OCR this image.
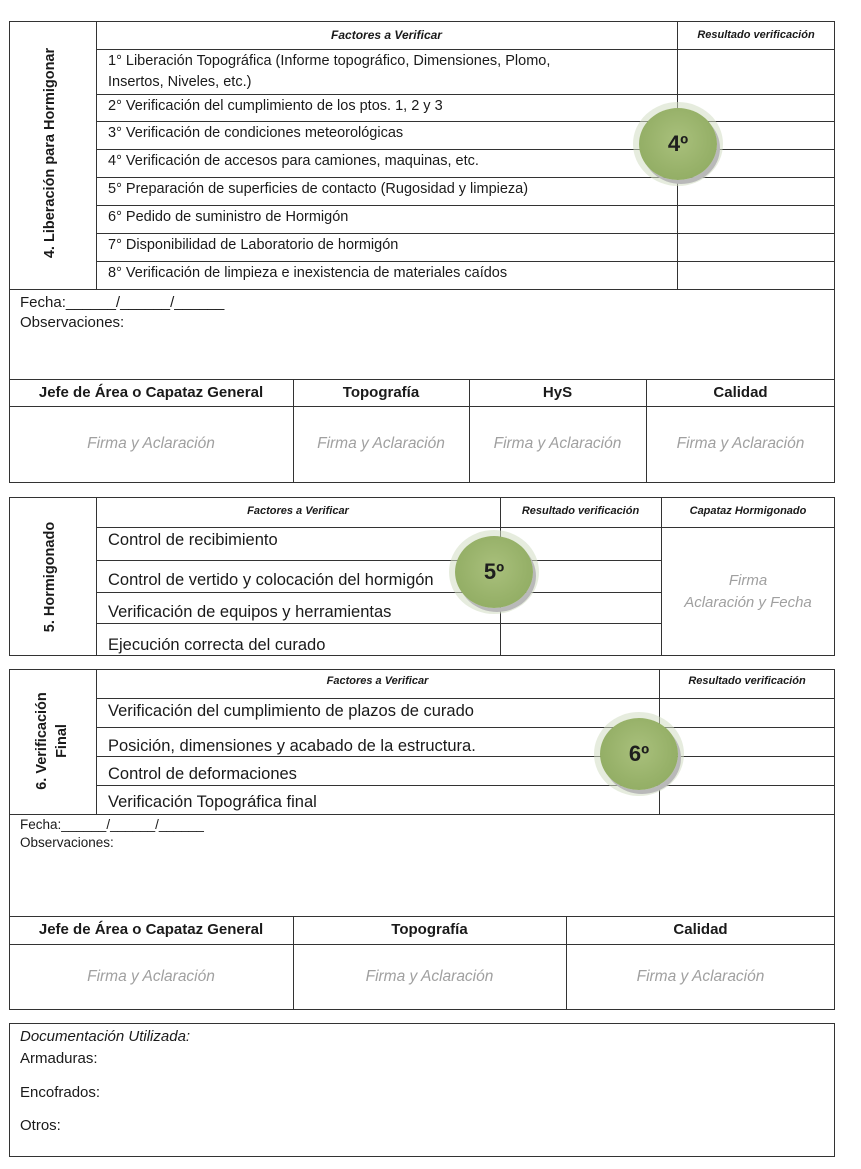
4. Liberación para Hormigonar
Factores a Verificar	Resultado verificación
1° Liberación Topográfica (Informe topográfico, Dimensiones, Plomo,
Insertos, Niveles, etc.)
2° Verificación del cumplimiento de los ptos. 1, 2 y 3
3° Verificación de condiciones meteorológicas
4° Verificación de accesos para camiones, maquinas, etc.
5° Preparación de superficies de contacto (Rugosidad y limpieza)
6° Pedido de suministro de Hormigón
7° Disponibilidad de Laboratorio de hormigón
8° Verificación de limpieza e inexistencia de materiales caídos
4º
Fecha:______/______/______
Observaciones:
Jefe de Área o Capataz General	Topografía	HyS	Calidad
Firma y Aclaración	Firma y Aclaración	Firma y Aclaración	Firma y Aclaración
5. Hormigonado
Factores a Verificar	Resultado verificación	Capataz Hormigonado
Control de recibimiento
Control de vertido y colocación del hormigón
Verificación de equipos y herramientas
Ejecución correcta del curado
5º	Firma
Aclaración y Fecha
6. Verificación Final
Factores a Verificar	Resultado verificación
Verificación del cumplimiento de plazos de curado
Posición, dimensiones y acabado de la estructura.
Control de deformaciones
Verificación Topográfica final
6º
Fecha:______/______/______
Observaciones:
Jefe de Área o Capataz General	Topografía	Calidad
Firma y Aclaración	Firma y Aclaración	Firma y Aclaración
Documentación Utilizada:
Armaduras:
Encofrados:
Otros:
